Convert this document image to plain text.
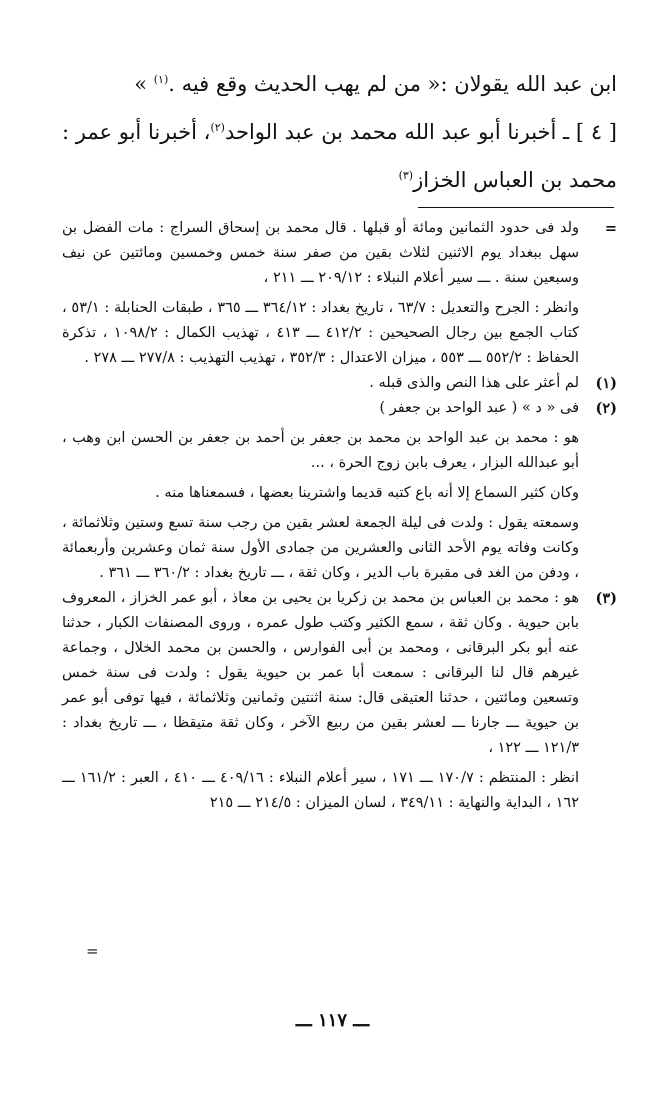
ابن عبد الله يقولان :« من لم يهب الحديث وقع فيه .$^{(١)}$ »

[ ٤ ] ـ أخبرنا أبو عبد الله محمد بن عبد الواحد$^{(٢)}$، أخبرنا أبو عمر : محمد بن العباس الخزاز$^{(٣)}$

=

ولد فى حدود الثمانين ومائة أو قبلها . قال محمد بن إسحاق السراج : مات الفضل بن سهل ببغداد يوم الاثنين لثلاث بقين من صفر سنة خمس وخمسين ومائتين عن نيف وسبعين سنة . ـــ سير أعلام النبلاء : ٢٠٩/١٢ ـــ ٢١١ ،

وانظر : الجرح والتعديل : ٦٣/٧ ، تاريخ بغداد : ٣٦٤/١٢ ـــ ٣٦٥ ، طبقات الحنابلة : ٥٣/١ ، كتاب الجمع بين رجال الصحيحين : ٤١٢/٢ ـــ ٤١٣ ، تهذيب الكمال : ١٠٩٨/٢ ، تذكرة الحفاظ : ٥٥٢/٢ ـــ ٥٥٣ ، ميزان الاعتدال : ٣٥٢/٣ ، تهذيب التهذيب : ٢٧٧/٨ ـــ ٢٧٨ .

(١)

لم أعثر على هذا النص والذى قبله .

(٢)

فى « د » ( عبد الواحد بن جعفر )

هو : محمد بن عبد الواحد بن محمد بن جعفر بن أحمد بن جعفر بن الحسن ابن وهب ، أبو عبدالله البزار ، يعرف بابن زوج الحرة ، ...

وكان كثير السماع إلا أنه باع كتبه قديما واشترينا بعضها ، فسمعناها منه .

وسمعته يقول : ولدت فى ليلة الجمعة لعشر بقين من رجب سنة تسع وستين وثلاثمائة ، وكانت وفاته يوم الأحد الثانى والعشرين من جمادى الأول سنة ثمان وعشرين وأربعمائة ، ودفن من الغد فى مقبرة باب الدير ، وكان ثقة ، ـــ تاريخ بغداد : ٣٦٠/٢ ـــ ٣٦١ .

(٣)

هو : محمد بن العباس بن محمد بن زكريا بن يحيى بن معاذ ، أبو عمر الخزاز ، المعروف بابن حيوية . وكان ثقة ، سمع الكثير وكتب طول عمره ، وروى المصنفات الكبار ، حدثنا عنه أبو بكر البرقانى ، ومحمد بن أبى الفوارس ، والحسن بن محمد الخلال ، وجماعة غيرهم قال لنا البرقانى : سمعت أبا عمر بن حيوية يقول : ولدت فى سنة خمس وتسعين ومائتين ، حدثنا العتيقى قال: سنة اثنتين وثمانين وثلاثمائة ، فيها توفى أبو عمر بن حيوية ـــ جارنا ـــ لعشر بقين من ربيع الآخر ، وكان ثقة متيقظا ، ـــ تاريخ بغداد : ١٢١/٣ ـــ ١٢٢ ،

انظر : المنتظم : ١٧٠/٧ ـــ ١٧١ ، سير أعلام النبلاء : ٤٠٩/١٦ ـــ ٤١٠ ، العبر : ١٦١/٢ ـــ ١٦٢ ، البداية والنهاية : ٣٤٩/١١ ، لسان الميزان : ٢١٤/٥ ـــ ٢١٥

=
ـــ ١١٧ ـــ
